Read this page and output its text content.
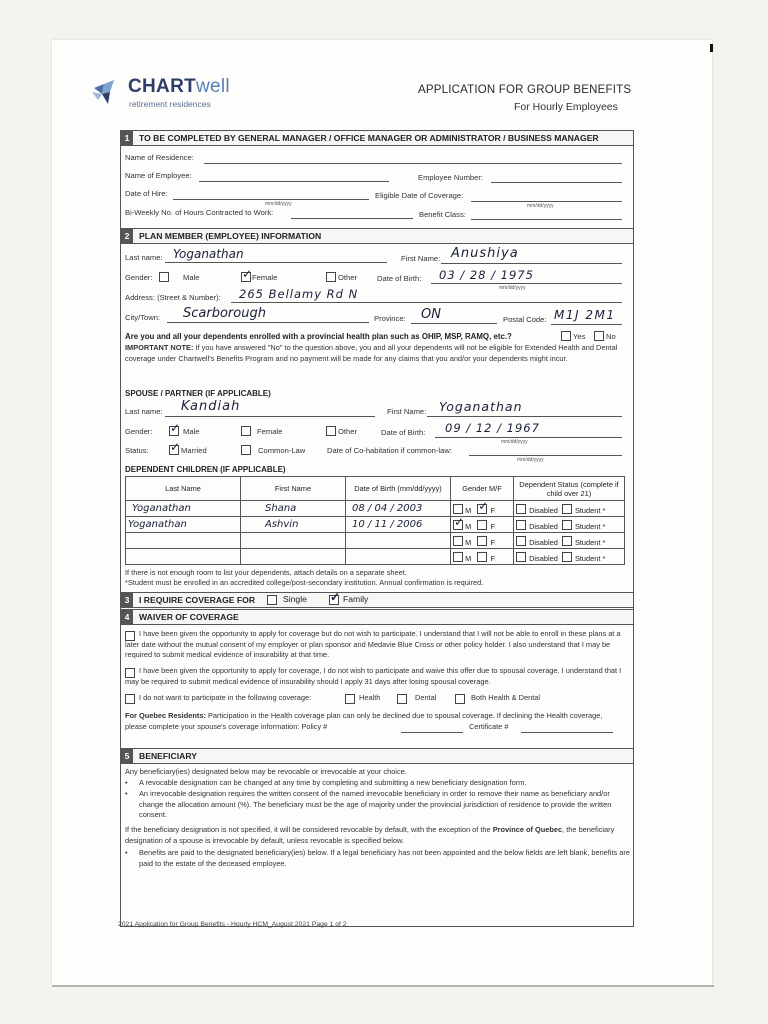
CHARTwell
retirement residences
APPLICATION FOR GROUP BENEFITS
For Hourly Employees
1	TO BE COMPLETED BY GENERAL MANAGER / OFFICE MANAGER OR ADMINISTRATOR / BUSINESS MANAGER
Name of Residence:
Name of Employee:	Employee Number:
Date of Hire:
mm/dd/yyyy
Eligible Date of Coverage:
mm/dd/yyyy
Bi-Weekly No. of Hours Contracted to Work:	Benefit Class:
2	PLAN MEMBER (EMPLOYEE) INFORMATION
Last name: Yoganathan	First Name: Anushiya
Gender:	Male ✓	Female	Other	Date of Birth: 03 / 28 / 1975
mm/dd/yyyy
Address: (Street & Number): 265 Bellamy Rd N
City/Town: Scarborough	Province: ON	Postal Code: M1J 2M1
Are you and all your dependents enrolled with a provincial health plan such as OHIP, MSP, RAMQ, etc.?	Yes	No
IMPORTANT NOTE: If you have answered "No" to the question above, you and all your dependents will not be eligible for Extended Health and Dental coverage under Chartwell's Benefits Program and no payment will be made for any claims that you and/or your dependents might incur.
SPOUSE / PARTNER (IF APPLICABLE)
Last name: Kandiah	First Name: Yoganathan
Gender: ✓	Male	Female	Other	Date of Birth: 09 / 12 / 1967
mm/dd/yyyy
Status: ✓	Married	Common-Law	Date of Co-habitation if common-law:
mm/dd/yyyy
DEPENDENT CHILDREN (IF APPLICABLE)
Last Name	First Name	Date of Birth (mm/dd/yyyy)	Gender M/F	Dependent Status (complete if child over 21)
Yoganathan	Shana	08 / 04 / 2003	M ✓ F	Disabled Student *
Yoganathan	Ashvin	10 / 11 / 2006	✓M F	Disabled Student *
			M F	Disabled Student *
			M F	Disabled Student *
If there is not enough room to list your dependents, attach details on a separate sheet.
*Student must be enrolled in an accredited college/post-secondary institution. Annual confirmation is required.
3	I REQUIRE COVERAGE FOR	Single ✓	Family
4	WAIVER OF COVERAGE
I have been given the opportunity to apply for coverage but do not wish to participate. I understand that I will not be able to enroll in these plans at a later date without the mutual consent of my employer or plan sponsor and Medavie Blue Cross or other policy holder. I also understand that I may be required to submit medical evidence of insurability at that time.
I have been given the opportunity to apply for coverage, I do not wish to participate and waive this offer due to spousal coverage. I understand that I may be required to submit medical evidence of insurability should I apply 31 days after losing spousal coverage.
I do not want to participate in the following coverage:	Health	Dental	Both Health & Dental
For Quebec Residents: Participation in the Health coverage plan can only be declined due to spousal coverage. If declining the Health coverage, please complete your spouse's coverage information: Policy #	Certificate #
5	BENEFICIARY
Any beneficiary(ies) designated below may be revocable or irrevocable at your choice.
• A revocable designation can be changed at any time by completing and submitting a new beneficiary designation form.
• An irrevocable designation requires the written consent of the named irrevocable beneficiary in order to remove their name as beneficiary and/or change the allocation amount (%). The beneficiary must be the age of majority under the provincial jurisdiction of residence to provide the written consent.
If the beneficiary designation is not specified, it will be considered revocable by default, with the exception of the Province of Quebec, the beneficiary designation of a spouse is irrevocable by default, unless revocable is specified below.
• Benefits are paid to the designated beneficiary(ies) below. If a legal beneficiary has not been appointed and the below fields are left blank, benefits are paid to the estate of the deceased employee.
2021 Application for Group Benefits - Hourly HCM_August 2021 Page 1 of 2
